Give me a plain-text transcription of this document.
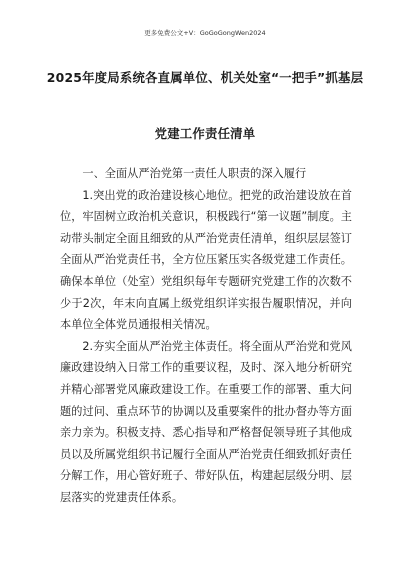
更多免费公文+V：GoGoGongWen2024
2025年度局系统各直属单位、机关处室“一把手”抓基层
党建工作责任清单

一、全面从严治党第一责任人职责的深入履行

1.突出党的政治建设核心地位。把党的政治建设放在首位，牢固树立政治机关意识，积极践行“第一议题”制度。主动带头制定全面且细致的从严治党责任清单，组织层层签订全面从严治党责任书，全方位压紧压实各级党建工作责任。确保本单位（处室）党组织每年专题研究党建工作的次数不少于2次，年末向直属上级党组织详实报告履职情况，并向本单位全体党员通报相关情况。

2.夯实全面从严治党主体责任。将全面从严治党和党风廉政建设纳入日常工作的重要议程，及时、深入地分析研究并精心部署党风廉政建设工作。在重要工作的部署、重大问题的过问、重点环节的协调以及重要案件的批办督办等方面亲力亲为。积极支持、悉心指导和严格督促领导班子其他成员以及所属党组织书记履行全面从严治党责任细致抓好责任分解工作，用心管好班子、带好队伍，构建起层级分明、层层落实的党建责任体系。
